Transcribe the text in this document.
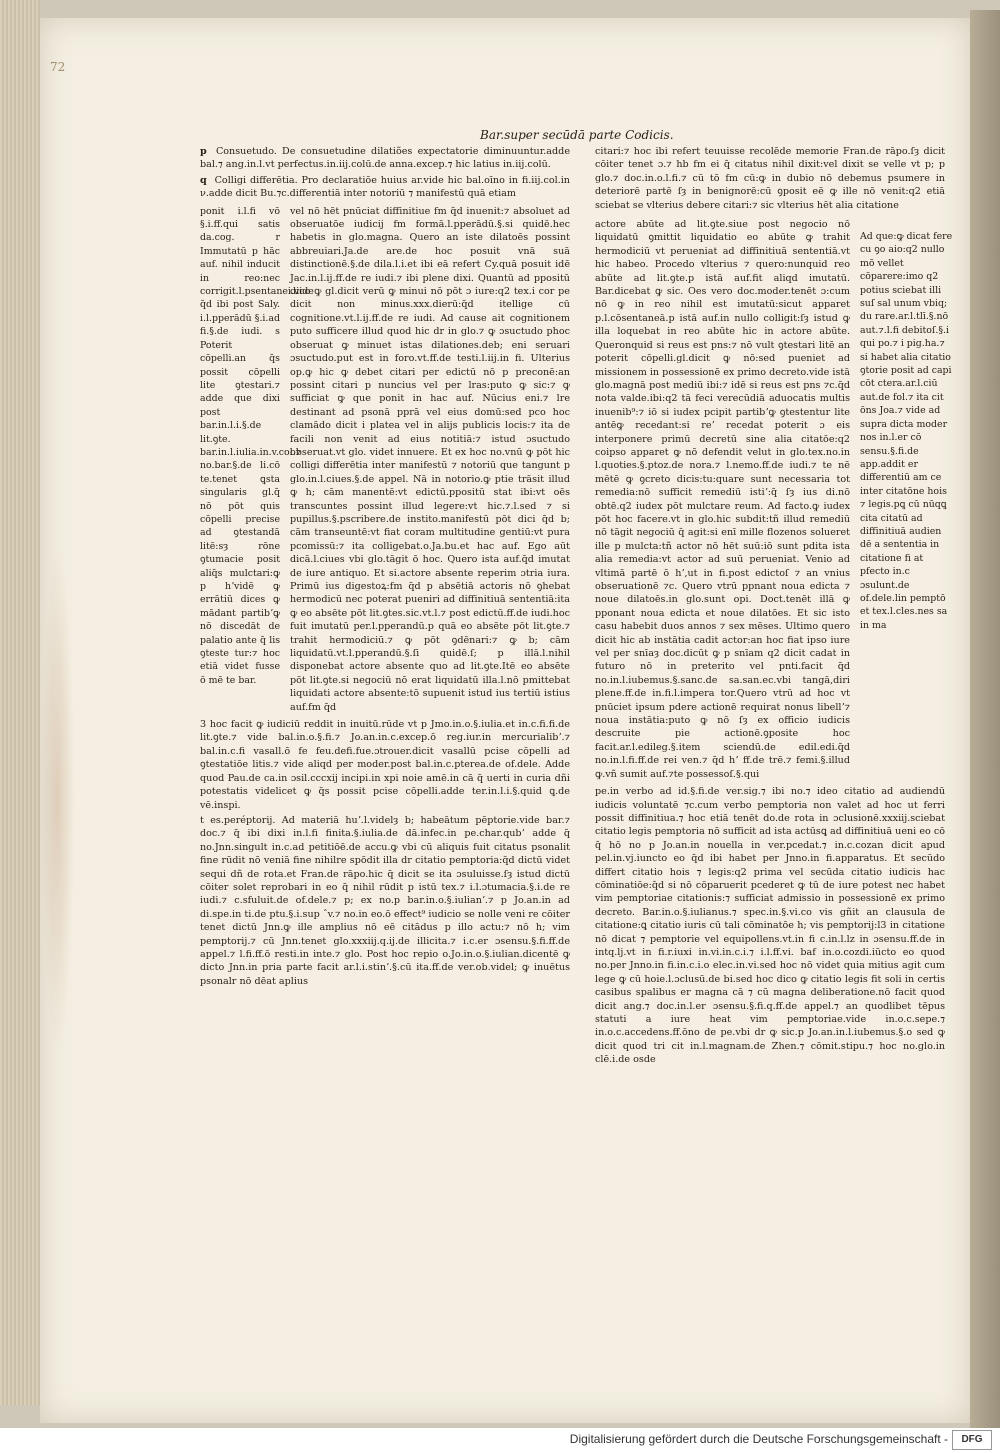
72
Bar.super secūdā parte Codicis.

p Consuetudo. De consuetudine dilatiões expectatorie diminuuntur.adde bal.⁊ ang.in.l.vt perfectus.in.iij.colū.de anna.excep.⁊ hic latius in.iij.colū.

q Colligi differētia. Pro declaratiōe huius ar.vide hic bal.oīno in fi.iij.col.in ν.adde dicit Bu.⁊c.differentiā inter notoriū ⁊ manifestū quā etiam

ponit i.l.fi vō §.i.ff.qui satis da.cog. r Immutatū p hāc auf. nihil inducit in reo:nec corrigit.l.psentanei.vide q̄d ibi post Saly. i.l.pperādū §.i.ad fi.§.de iudi. s Poterit cōpelli.an q̄s possit cōpelli lite ꝯtestari.⁊ adde que dixi post bar.in.l.i.§.de lit.ꝯte. bar.in.l.iulia.in.v.col.⁊ no.bar.§.de li.cō te.tenet ꝗsta singularis gl.q̄ nō pōt quis cōpelli precise ad ꝯtestandā litē:sȝ rōne ꝯtumacie posit aliq̄s mulctari:ꝙ p hʼvidē ꝙ errātiū dices ꝙ mādant partibʼꝙ nō discedāt de palatio ante q̄ lis ꝯteste tur:⁊ hoc etiā videt fusse ō mē te bar.
vel nō hēt pnūciat diffinitiue fm q̄d inuenit:⁊ absoluet ad obseruatōe iudicij fm formā.l.pperādū.§.si quidē.hec habetis in glo.magna. Quero an iste dilatoēs possint abbreuiari.Ja.de are.de hoc posuit vnā suā distinctionē.§.de dila.l.i.et ibi eā refert Cy.quā posuit idē Jac.in.l.ij.ff.de re iudi.⁊ ibi plene dixi. Quantū ad ppositū dico ꝙ gl.dicit verū ꝙ minui nō pōt ɔ iure:q2 tex.i cor pe dicit non minus.xxx.dierū:q̄d itellige cū cognitione.vt.l.ij.ff.de re iudi. Ad cause ait cognitionem puto sufficere illud quod hic dr in glo.⁊ ꝙ ɔsuctudo phoc obseruat ꝙ minuet istas dilationes.deb; eni seruari ɔsuctudo.put est in foro.vt.ff.de testi.l.iij.in fi. Ulterius op.ꝙ hic ꝙ debet citari per edictū nō p preconē:an possint citari p nuncius vel per lras:puto ꝙ sic:⁊ ꝙ sufficiat ꝙ que ponit in hac auf. Nūcius eni.⁊ lre destinant ad psonā pprā vel eius domū:sed pco hoc clamādo dicit i platea vel in alijs publicis locis:⁊ ita de facili non venit ad eius notitiā:⁊ istud ɔsuctudo obseruat.vt glo. videt innuere. Et ex hoc no.vnū ꝙ pōt hic colligi differētia inter manifestū ⁊ notoriū que tangunt p glo.in.l.ciues.§.de appel. Nā in notorio.ꝙ ptie trāsit illud ꝙ h; cām manentē:vt edictū.ppositū stat ibi:vt oēs transcuntes possint illud legere:vt hic.⁊.l.sed ⁊ si pupillus.§.pscribere.de instito.manifestū pōt dici q̄d b; cām transeuntē:vt fiat coram multitudine gentiū:vt pura pcomissū:⁊ ita colligebat.o.Ja.bu.et hac auf. Ego aūt dicā.l.ciues vbi glo.tāgit ō hoc. Quero ista auf.q̄d imutat de iure antiquo. Et si.actore absente reperim ɔtria iura. Primū ius digestoꝝ:fm q̄d p absētiā actoris nō ꝯhebat hermodicū nec poterat pueniri ad diffinitiuā sententiā:ita ꝙ eo absēte pōt lit.ꝯtes.sic.vt.l.⁊ post edictū.ff.de iudi.hoc fuit imutatū per.l.pperandū.p quā eo absēte pōt lit.ꝯte.⁊ trahit hermodiciū.⁊ ꝙ pōt ꝯdēnari:⁊ ꝙ b; cām liquidatū.vt.l.pperandū.§.ſi quidē.ſ; p illā.l.nihil disponebat actore absente quo ad lit.ꝯte.Itē eo absēte pōt lit.ꝯte.si negociū nō erat liquidatū illa.l.nō pmittebat liquidati actore absente:tō supuenit istud ius tertiū istius auf.fm q̄d

3 hoc facit ꝙ iudiciū reddit in inuitū.rūde vt p Jmo.in.o.§.iulia.et in.c.fi.fi.de lit.ꝯte.⁊ vide bal.in.o.§.fi.⁊ Jo.an.in.c.excep.ō reg.iur.in mercurialibʼ.⁊ bal.in.c.fi vasall.ō fe feu.defi.fue.ɔtrouer.dicit vasallū pcise cōpelli ad ꝯtestatiōe litis.⁊ vide aliqd per moder.post bal.in.c.pterea.de of.dele. Adde quod Pau.de ca.in ɔsil.cccxij incipi.in xpi noie amē.in cā q̄ uerti in curia dñi potestatis videlicet ꝙ q̄s possit pcise cōpelli.adde ter.in.l.i.§.quid ꝗ.de vē.inspi.

t es.peréptorij. Ad materiā huʼ.l.videlȝ b; habeātum pēptorie.vide bar.⁊ doc.⁊ q̄ ibi dixi in.l.fi finita.§.iulia.de dā.infec.in pe.char.qubʼ adde q̄ no.Jnn.singult in.c.ad petitiōē.de accu.ꝙ vbi cū aliquis fuit citatus psonalit fine rūdit nō veniā fine nihilre spōdit illa dr citatio pemptoria:q̄d dictū videt sequi dñ de rota.et Fran.de rāpo.hic q̄ dicit se ita ɔsuluisse.ſȝ istud dictū cōiter solet reprobari in eo q̄ nihil rūdit p istū tex.⁊ i.l.ɔtumacia.§.i.de re iudi.⁊ c.sfuluit.de of.dele.⁊ p; ex no.p bar.in.o.§.iulianʼ.⁊ p Jo.an.in ad di.spe.in ti.de ptu.§.i.sup ˆv.⁊ no.in eo.ō effect⁹ iudicio se nolle veni re cōiter tenet dictū Jnn.ꝙ ille amplius nō eē citādus p illo actu:⁊ nō h; vim pemptorij.⁊ cū Jnn.tenet glo.xxxiij.q.ij.de illicita.⁊ i.c.er ɔsensu.§.fi.ff.de appel.⁊ l.fi.ff.ō resti.in inte.⁊ glo. Post hoc repio o.Jo.in.o.§.iulian.dicentē ꝙ dicto Jnn.in pria parte facit ar.l.i.stinʼ.§.cū ita.ff.de ver.ob.videl; ꝙ inuētus psonalr nō dēat aplius

citari:⁊ hoc ibi refert teuuisse recolēde memorie Fran.de rāpo.ſȝ dicit cōiter tenet ɔ.⁊ hb fm ei q̄ citatus nihil dixit:vel dixit se velle vt p; p glo.⁊ doc.in.o.l.fi.⁊ cū tō fm cū:ꝙ in dubio nō debemus psumere in deteriorē partē ſȝ in benignorē:cū ꝯposit eē ꝙ ille nō venit:q2 etiā sciebat se vlterius debere citari:⁊ sic vlterius hēt alia citatione

actore abūte ad lit.ꝯte.siue post negocio nō liquidatū ꝯmittit liquidatio eo abūte ꝙ trahit hermodiciū vt perueniat ad diffinitiuā sententiā.vt hic habeo. Procedo vlterius ⁊ quero:nunquid reo abūte ad lit.ꝯte.p istā auf.fit aliqd imutatū. Bar.dicebat ꝙ sic. Oes vero doc.moder.tenēt ɔ:cum nō ꝙ in reo nihil est imutatū:sicut apparet p.l.cōsentaneā.p istā auf.in nullo colligit:ſȝ istud ꝙ illa loquebat in reo abūte hic in actore abūte. Queronquid si reus est pns:⁊ nō vult ꝯtestari litē an poterit cōpelli.gl.dicit ꝙ nō:sed pueniet ad missionem in possessionē ex primo decreto.vide istā glo.magnā post mediū ibi:⁊ idē si reus est pns ⁊c.q̄d nota valde.ibi:q2 tā feci verecūdiā aduocatis multis inuenib⁹:⁊ iō si iudex pcipit partibʼꝙ ꝯtestentur lite antēꝙ recedant:si reʼ recedat poterit ɔ eis interponere primū decretū sine alia citatōe:q2 coipso apparet ꝙ nō defendit velut in glo.tex.no.in l.quoties.§.ptoz.de nora.⁊ l.nemo.ff.de iudi.⁊ te nē mētē ꝙ ꝯcreto dicis:tu:quare sunt necessaria tot remedia:nō sufficit remediū istiʼ:q̄ ſȝ ius di.nō obtē.q2 iudex pōt mulctare reum. Ad facto.ꝙ iudex pōt hoc facere.vt in glo.hic subdit:tñ illud remediū nō tāgit negociū q̄ agit:si enī mille flozenos solueret ille p mulcta:tñ actor nō hēt suū:iō sunt pdita ista alia remedia:vt actor ad suū perueniat. Venio ad vltimā partē ō hʼ,ut in fi.post edictoſ ⁊ an vnius obseruationē ⁊c. Quero vtrū ppnant noua edicta ⁊ noue dilatoēs.in glo.sunt opi. Doct.tenēt illā ꝙ pponant noua edicta et noue dilatōes. Et sic isto casu habebit duos annos ⁊ sex mēses. Ultimo quero dicit hic ab instātia cadit actor:an hoc fiat ipso iure vel per snīaȝ doc.dicūt ꝙ p snīam q2 dicit cadat in futuro nō in preterito vel pnti.facit q̄d no.in.l.iubemus.§.sanc.de sa.san.ec.vbi tangā,diri plene.ff.de in.fi.l.impera tor.Quero vtrū ad hoc vt pnūciet ipsum pdere actionē requirat nonus libellʼ⁊ noua instātia:puto ꝙ nō ſȝ ex officio iudicis descruite pie actionē.ꝯposite hoc facit.ar.l.edileg.§.item sciendū.de edil.edi.q̄d no.in.l.fi.ff.de rei ven.⁊ q̄d hʼ ff.de trē.⁊ femi.§.illud ꝙ.vñ sumit auf.⁊te possessoſ.§.qui

pe.in verbo ad id.§.fi.de ver.sig.⁊ ibi no.⁊ ideo citatio ad audiendū iudicis voluntatē ⁊c.cum verbo pemptoria non valet ad hoc ut ferri possit diffinitiua.⁊ hoc etiā tenēt do.de rota in ɔclusionē.xxxiij.sciebat citatio legis pemptoria nō sufficit ad ista actūsꝗ ad diffinitiuā ueni eo cō q̄ hō no p Jo.an.in nouella in ver.pcedat.⁊ in.c.cozan dicit apud pel.in.vj.iuncto eo q̄d ibi habet per Jnno.in fi.apparatus. Et secūdo differt citatio hois ⁊ legis:q2 prima vel secūda citatio iudicis hac cōminatiōe:q̄d si nō cōparuerit pcederet ꝙ tū de iure potest nec habet vim pemptoriae citationis:⁊ sufficiat admissio in possessionē ex primo decreto. Bar.in.o.§.iulianus.⁊ spec.in.§.vi.co vis gñit an clausula de citatione:ꝗ citatio iuris cū tali cōminatōe h; vis pemptorij:l3 in citatione nō dicat ⁊ pemptorie vel equipollens.vt.in fi c.in.l.lz in ɔsensu.ff.de in intq.lj.vt in fi.r.iuxi in.vi.in.c.i.⁊ i.l.ff.vi. baf in.o.cozdi.iūcto eo quod no.per Jnno.in fi.in.c.i.o elec.in.vi.sed hoc nō videt quia mitius agit cum lege ꝙ cū hoie.l.ɔclusū.de bi.sed hoc dico ꝙ citatio legis fit soli in certis casibus spalibus er magna cā ⁊ cū magna deliberatione.nō facit quod dicit ang.⁊ doc.in.l.er ɔsensu.§.fi.q.ff.de appel.⁊ an quodlibet tēpus statuti a iure heat vim pemptoriae.vide in.o.c.sepe.⁊ in.o.c.accedens.ff.ōno de pe.vbi dr ꝙ sic.p Jo.an.in.l.iubemus.§.o sed ꝙ dicit quod tri cit in.l.magnam.de Zhen.⁊ cōmit.stipu.⁊ hoc no.glo.in clē.i.de osde

Ad que:ꝙ dicat fere cu ꝯo aio:q2 nullo mō vellet cōparere:imo q2 potius sciebat illi suſ sal unum vbiq; du rare.ar.l.tlī.§.nō aut.⁊.l.fi debitoſ.§.i qui po.⁊ i pig.ha.⁊ si habet alia citatio ꝯtorie posit ad capi cōt ctera.ar.l.ciū aut.de fol.⁊ ita cit ōns Joa.⁊ vide ad supra dicta moder nos in.l.er cō sensu.§.fi.de app.addit er differentiū am ce inter citatōne hois ⁊ legis.pꝗ cū nūqꝗ cita citatū ad diffinitiuā audien dē a sententia in citatione fi at pfecto in.c ɔsulunt.de of.dele.lin pemptō et tex.l.cles.nes sa in ma
Digitalisierung gefördert durch die Deutsche Forschungsgemeinschaft -	DFG
